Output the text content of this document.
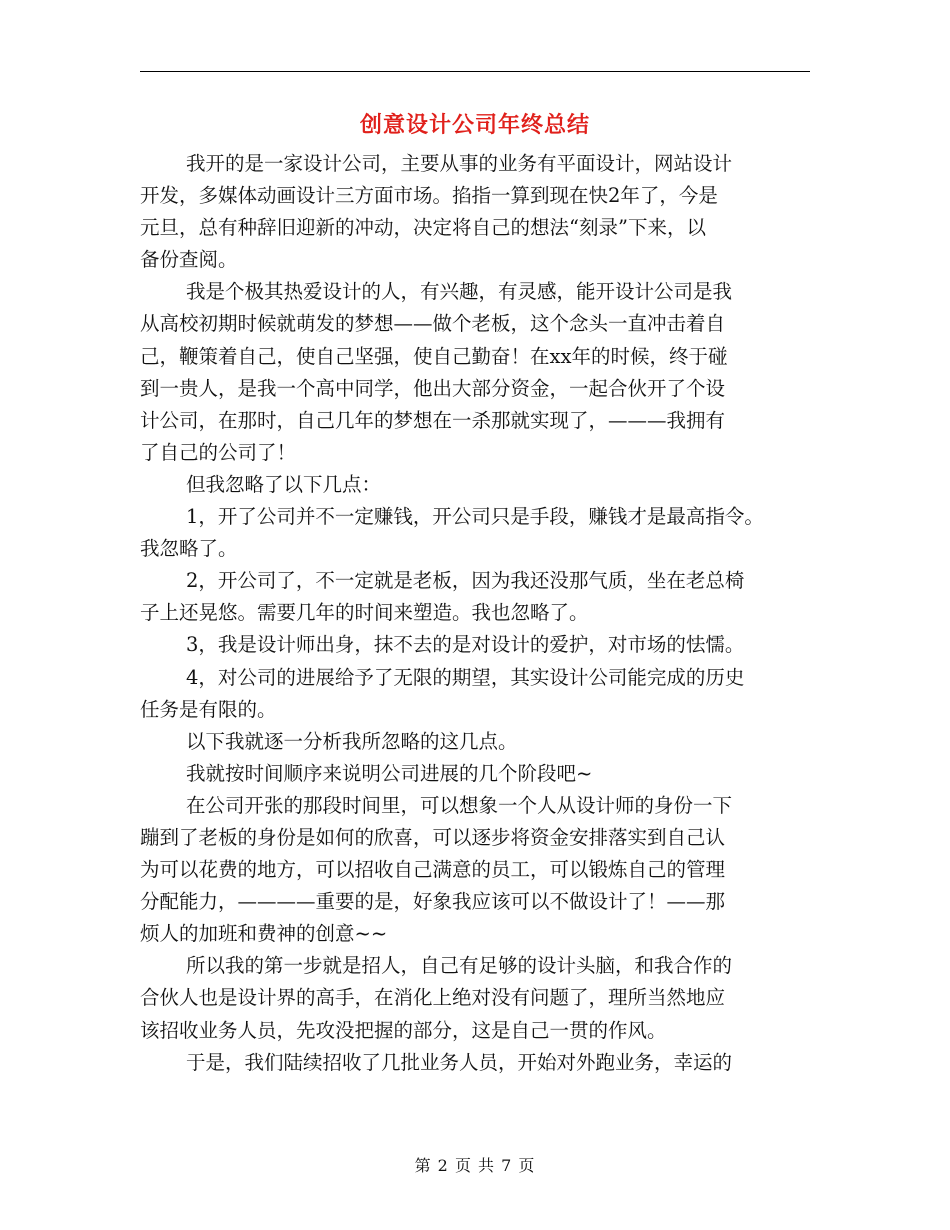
创意设计公司年终总结
我开的是一家设计公司，主要从事的业务有平面设计，网站设计
开发，多媒体动画设计三方面市场。掐指一算到现在快2年了，今是
元旦，总有种辞旧迎新的冲动，决定将自己的想法“刻录”下来，以
备份查阅。
我是个极其热爱设计的人，有兴趣，有灵感，能开设计公司是我
从高校初期时候就萌发的梦想——做个老板，这个念头一直冲击着自
己，鞭策着自己，使自己坚强，使自己勤奋！在xx年的时候，终于碰
到一贵人，是我一个高中同学，他出大部分资金，一起合伙开了个设
计公司，在那时，自己几年的梦想在一杀那就实现了，———我拥有
了自己的公司了！
但我忽略了以下几点：
1，开了公司并不一定赚钱，开公司只是手段，赚钱才是最高指令。
我忽略了。
2，开公司了，不一定就是老板，因为我还没那气质，坐在老总椅
子上还晃悠。需要几年的时间来塑造。我也忽略了。
3，我是设计师出身，抹不去的是对设计的爱护，对市场的怯懦。
4，对公司的进展给予了无限的期望，其实设计公司能完成的历史
任务是有限的。
以下我就逐一分析我所忽略的这几点。
我就按时间顺序来说明公司进展的几个阶段吧~
在公司开张的那段时间里，可以想象一个人从设计师的身份一下
蹦到了老板的身份是如何的欣喜，可以逐步将资金安排落实到自己认
为可以花费的地方，可以招收自己满意的员工，可以锻炼自己的管理
分配能力，————重要的是，好象我应该可以不做设计了！——那
烦人的加班和费神的创意~~
所以我的第一步就是招人，自己有足够的设计头脑，和我合作的
合伙人也是设计界的高手，在消化上绝对没有问题了，理所当然地应
该招收业务人员，先攻没把握的部分，这是自己一贯的作风。
于是，我们陆续招收了几批业务人员，开始对外跑业务，幸运的
第 2 页 共 7 页
